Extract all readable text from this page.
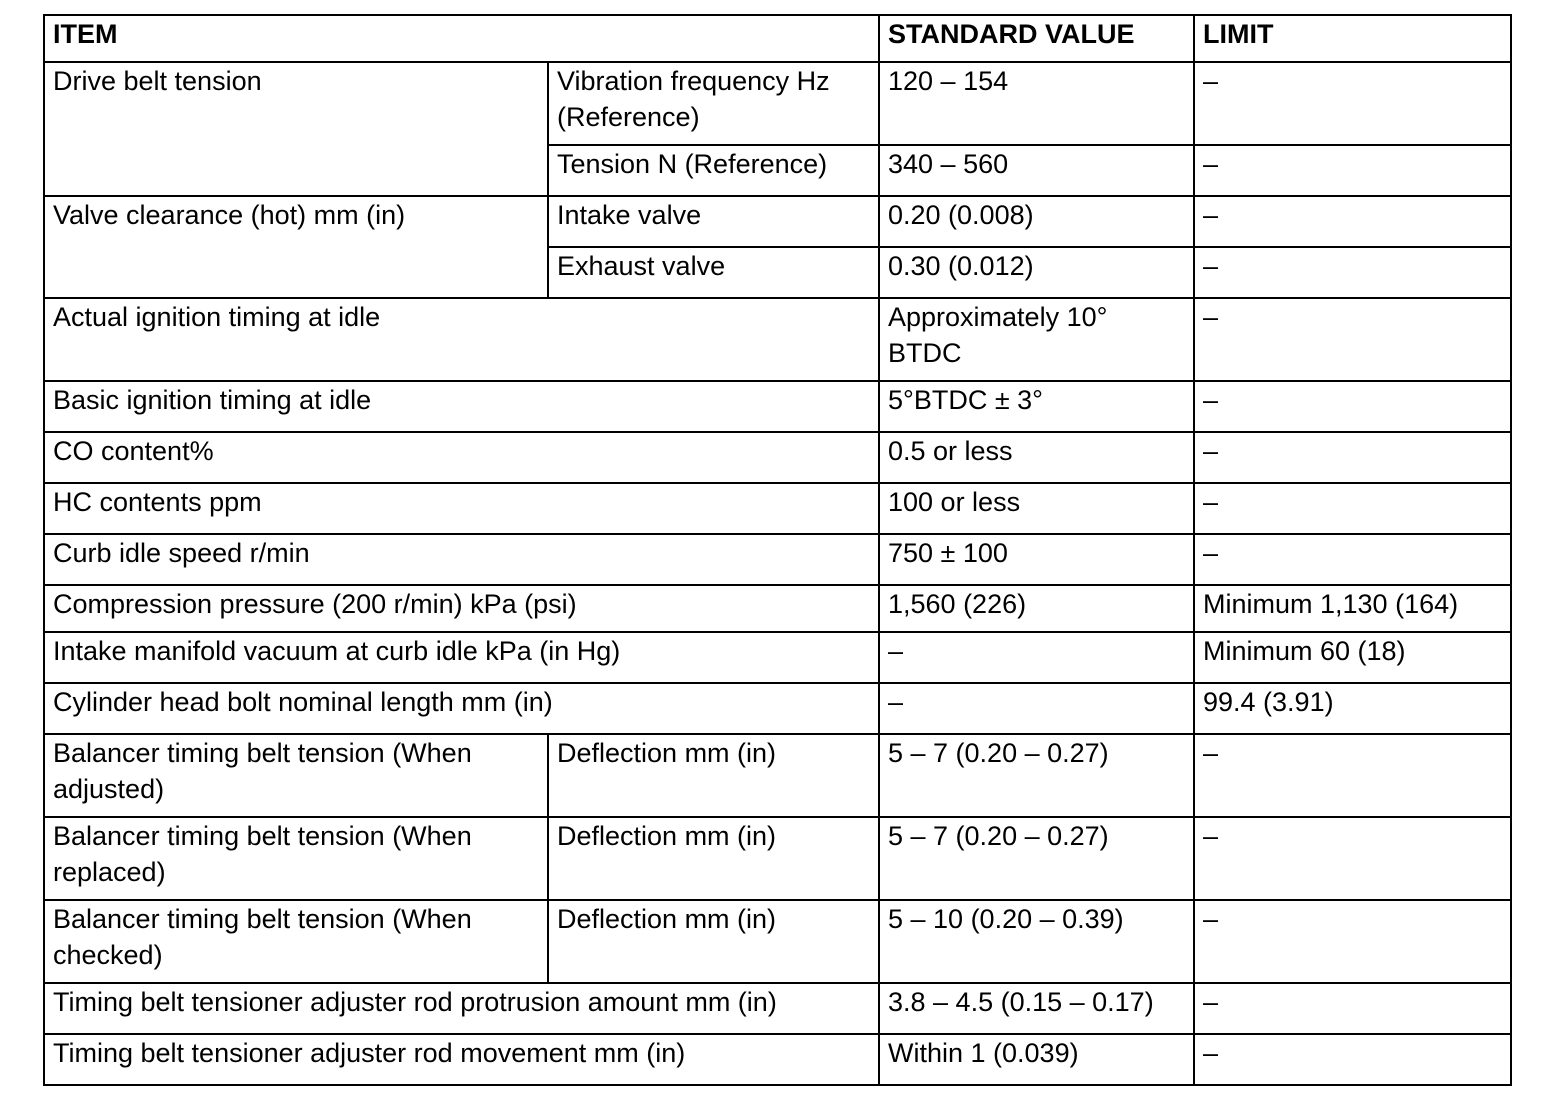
ITEM		STANDARD VALUE	LIMIT
Drive belt tension	Vibration frequency Hz (Reference)	120 – 154	–
	Tension N (Reference)	340 – 560	–
Valve clearance (hot) mm (in)	Intake valve	0.20 (0.008)	–
	Exhaust valve	0.30 (0.012)	–
Actual ignition timing at idle		Approximately 10° BTDC	–
Basic ignition timing at idle		5°BTDC ± 3°	–
CO content%		0.5 or less	–
HC contents ppm		100 or less	–
Curb idle speed r/min		750 ± 100	–
Compression pressure (200 r/min) kPa (psi)		1,560 (226)	Minimum 1,130 (164)
Intake manifold vacuum at curb idle kPa (in Hg)		–	Minimum 60 (18)
Cylinder head bolt nominal length mm (in)		–	99.4 (3.91)
Balancer timing belt tension (When adjusted)	Deflection mm (in)	5 – 7 (0.20 – 0.27)	–
Balancer timing belt tension (When replaced)	Deflection mm (in)	5 – 7 (0.20 – 0.27)	–
Balancer timing belt tension (When checked)	Deflection mm (in)	5 – 10 (0.20 – 0.39)	–
Timing belt tensioner adjuster rod protrusion amount mm (in)		3.8 – 4.5 (0.15 – 0.17)	–
Timing belt tensioner adjuster rod movement mm (in)		Within 1 (0.039)	–
